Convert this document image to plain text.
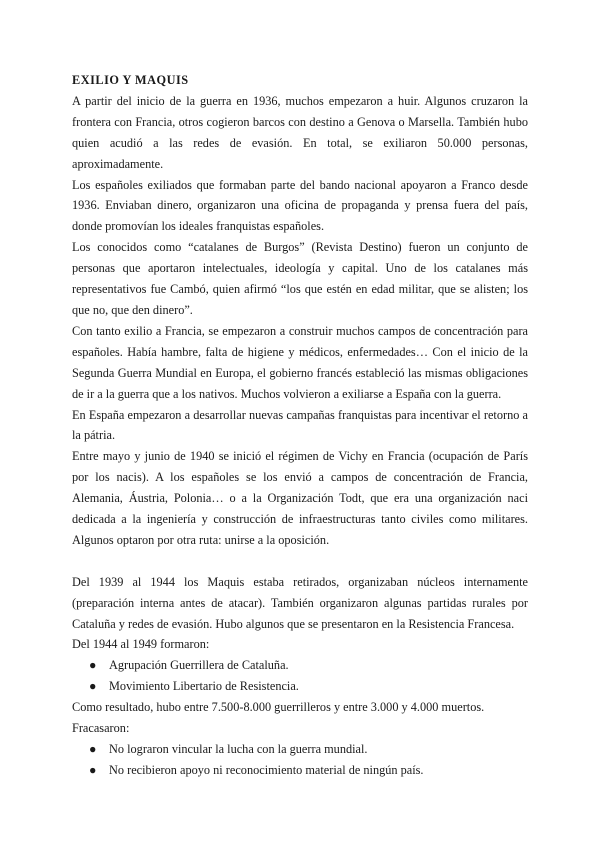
EXILIO Y MAQUIS

A partir del inicio de la guerra en 1936, muchos empezaron a huir. Algunos cruzaron la frontera con Francia, otros cogieron barcos con destino a Genova o Marsella. También hubo quien acudió a las redes de evasión. En total, se exiliaron 50.000 personas, aproximadamente.

Los españoles exiliados que formaban parte del bando nacional apoyaron a Franco desde 1936. Enviaban dinero, organizaron una oficina de propaganda y prensa fuera del país, donde promovían los ideales franquistas españoles.

Los conocidos como “catalanes de Burgos” (Revista Destino) fueron un conjunto de personas que aportaron intelectuales, ideología y capital. Uno de los catalanes más representativos fue Cambó, quien afirmó “los que estén en edad militar, que se alisten; los que no, que den dinero”.

Con tanto exilio a Francia, se empezaron a construir muchos campos de concentración para españoles. Había hambre, falta de higiene y médicos, enfermedades… Con el inicio de la Segunda Guerra Mundial en Europa, el gobierno francés estableció las mismas obligaciones de ir a la guerra que a los nativos. Muchos volvieron a exiliarse a España con la guerra.

En España empezaron a desarrollar nuevas campañas franquistas para incentivar el retorno a la pátria.

Entre mayo y junio de 1940 se inició el régimen de Vichy en Francia (ocupación de París por los nacis). A los españoles se los envió a campos de concentración de Francia, Alemania, Áustria, Polonia… o a la Organización Todt, que era una organización naci dedicada a la ingeniería y construcción de infraestructuras tanto civiles como militares. Algunos optaron por otra ruta: unirse a la oposición.

Del 1939 al 1944 los Maquis estaba retirados, organizaban núcleos internamente (preparación interna antes de atacar). También organizaron algunas partidas rurales por Cataluña y redes de evasión. Hubo algunos que se presentaron en la Resistencia Francesa.

Del 1944 al 1949 formaron:

● Agrupación Guerrillera de Cataluña.
● Movimiento Libertario de Resistencia.

Como resultado, hubo entre 7.500-8.000 guerrilleros y entre 3.000 y 4.000 muertos.

Fracasaron:

● No lograron vincular la lucha con la guerra mundial.
● No recibieron apoyo ni reconocimiento material de ningún país.
